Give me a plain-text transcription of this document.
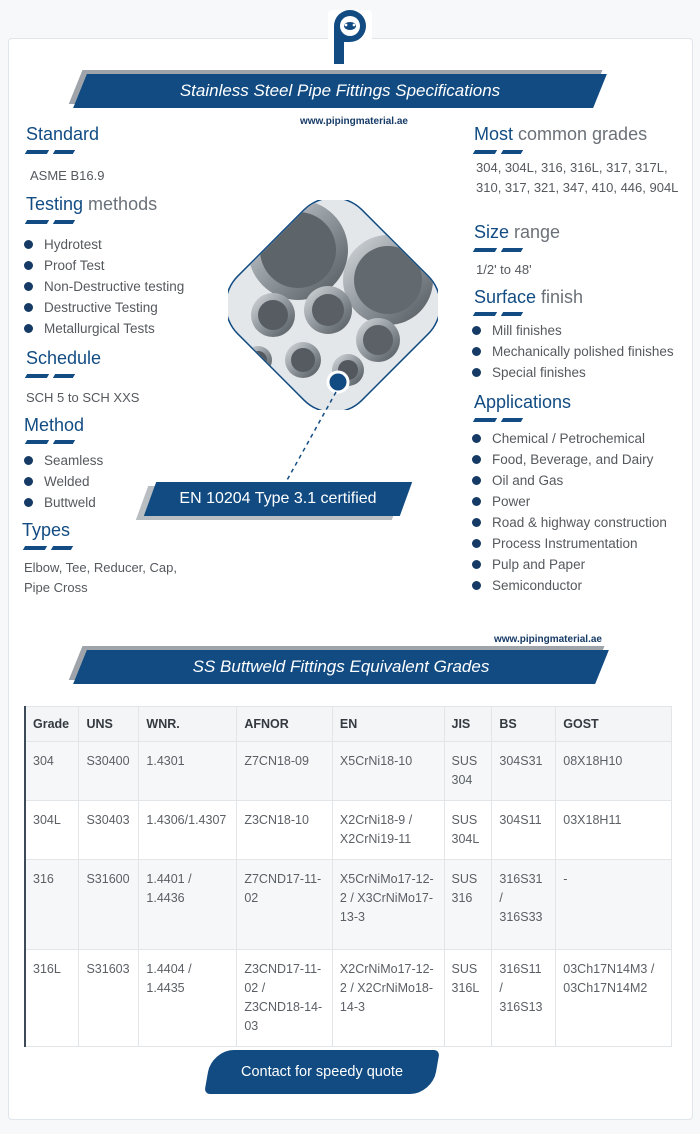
Stainless Steel Pipe Fittings Specifications
www.pipingmaterial.ae
Standard
ASME B16.9
Testing methods
Hydrotest
Proof Test
Non-Destructive testing
Destructive Testing
Metallurgical Tests
Schedule
SCH 5 to SCH XXS
Method
Seamless
Welded
Buttweld
Types
Elbow, Tee, Reducer, Cap, Pipe Cross
EN 10204 Type 3.1 certified
Most common grades
304, 304L, 316, 316L, 317, 317L, 310, 317, 321, 347, 410, 446, 904L
Size range
1/2' to 48'
Surface finish
Mill finishes
Mechanically polished finishes
Special finishes
Applications
Chemical / Petrochemical
Food, Beverage, and Dairy
Oil and Gas
Power
Road & highway construction
Process Instrumentation
Pulp and Paper
Semiconductor
www.pipingmaterial.ae
SS Buttweld Fittings Equivalent Grades
Grade	UNS	WNR.	AFNOR	EN	JIS	BS	GOST
304	S30400	1.4301	Z7CN18‐09	X5CrNi18‐10	SUS 304	304S31	08X18H10
304L	S30403	1.4306/1.4307	Z3CN18‐10	X2CrNi18‐9 / X2CrNi19‐11	SUS 304L	304S11	03X18H11
316	S31600	1.4401 / 1.4436	Z7CND17‐11‐02	X5CrNiMo17‐12‐2 / X3CrNiMo17‐13‐3	SUS 316	316S31 / 316S33	-
316L	S31603	1.4404 / 1.4435	Z3CND17‐11‐02 / Z3CND18‐14‐03	X2CrNiMo17‐12‐2 / X2CrNiMo18‐14‐3	SUS 316L	316S11 / 316S13	03Ch17N14M3 / 03Ch17N14M2
Contact for speedy quote
